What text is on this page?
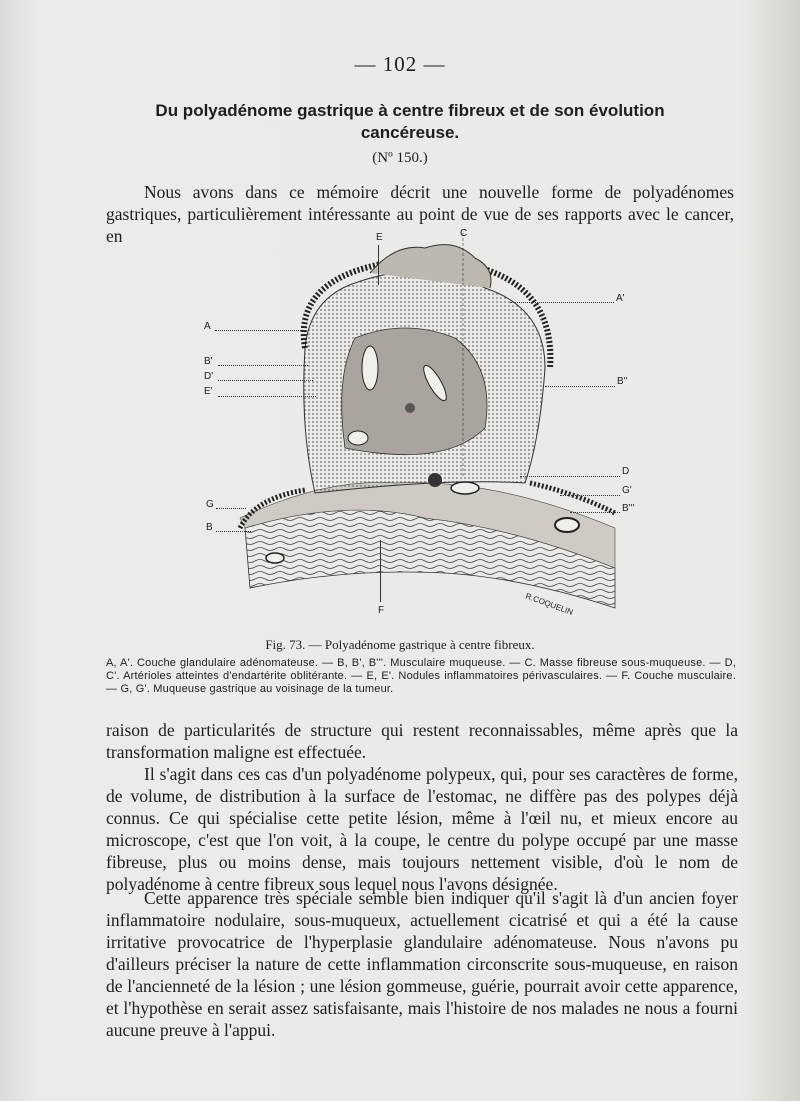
— 102 —
Du polyadénome gastrique à centre fibreux et de son évolution cancéreuse.
(Nº 150.)
Nous avons dans ce mémoire décrit une nouvelle forme de polyadénomes gastriques, particulièrement intéressante au point de vue de ses rapports avec le cancer, en
R.COQUELIN
E	C
A'
A
B'
D'
E'
B''
D
G'
B'''
G
B
F
Fig. 73. — Polyadénome gastrique à centre fibreux.
A, A'. Couche glandulaire adénomateuse. — B, B', B'''. Musculaire muqueuse. — C. Masse fibreuse sous-muqueuse. — D, C'. Artérioles atteintes d'endartérite oblitérante. — E, E'. Nodules inflammatoires périvasculaires. — F. Couche musculaire. — G, G'. Muqueuse gastrique au voisinage de la tumeur.
raison de particularités de structure qui restent reconnaissables, même après que la transformation maligne est effectuée.
Il s'agit dans ces cas d'un polyadénome polypeux, qui, pour ses caractères de forme, de volume, de distribution à la surface de l'estomac, ne diffère pas des polypes déjà connus. Ce qui spécialise cette petite lésion, même à l'œil nu, et mieux encore au microscope, c'est que l'on voit, à la coupe, le centre du polype occupé par une masse fibreuse, plus ou moins dense, mais toujours nettement visible, d'où le nom de polyadénome à centre fibreux sous lequel nous l'avons désignée.
Cette apparence très spéciale semble bien indiquer qu'il s'agit là d'un ancien foyer inflammatoire nodulaire, sous-muqueux, actuellement cicatrisé et qui a été la cause irritative provocatrice de l'hyperplasie glandulaire adénomateuse. Nous n'avons pu d'ailleurs préciser la nature de cette inflammation circonscrite sous-muqueuse, en raison de l'ancienneté de la lésion ; une lésion gommeuse, guérie, pourrait avoir cette apparence, et l'hypothèse en serait assez satisfaisante, mais l'histoire de nos malades ne nous a fourni aucune preuve à l'appui.
